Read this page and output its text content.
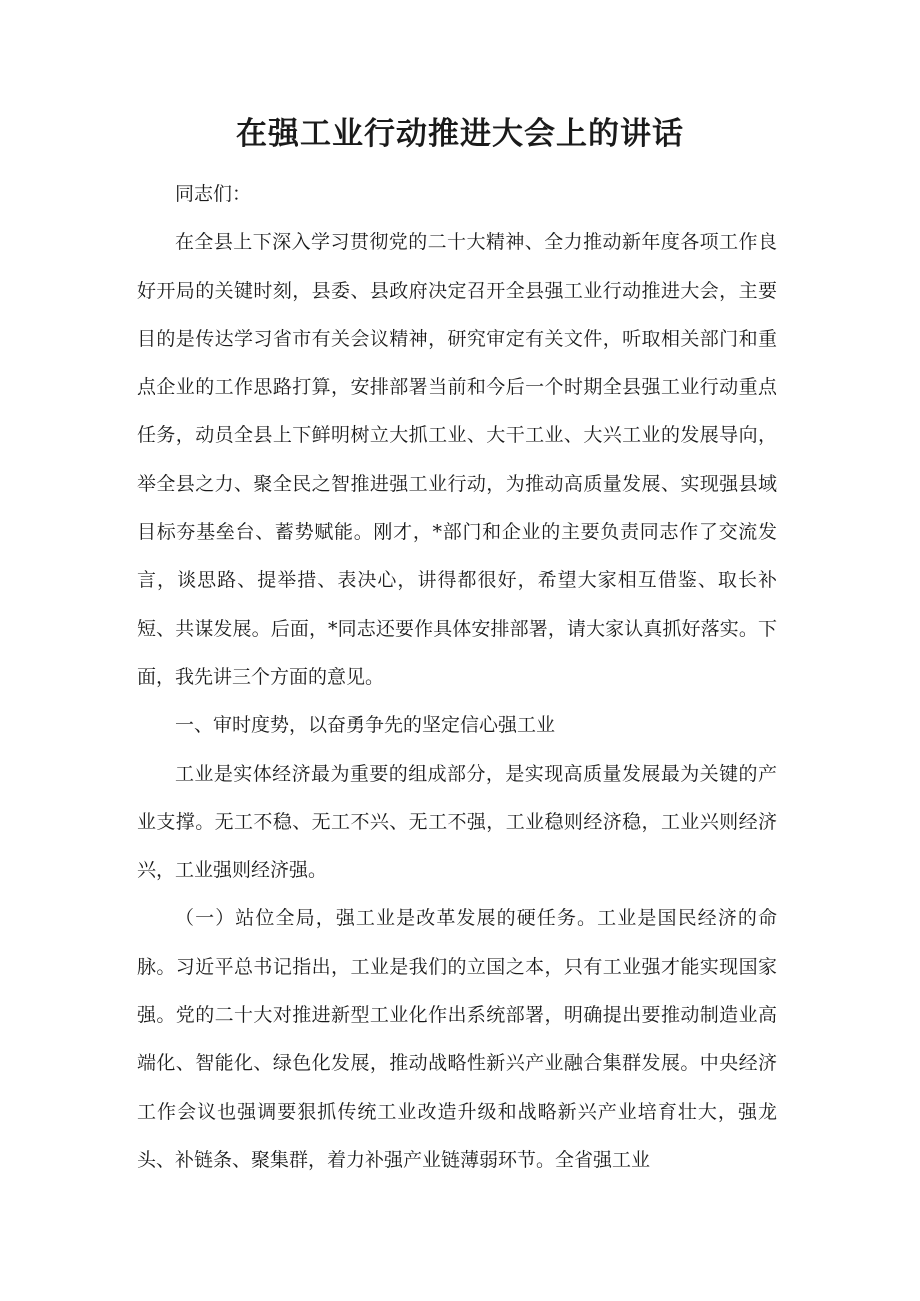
在强工业行动推进大会上的讲话

同志们：

在全县上下深入学习贯彻党的二十大精神、全力推动新年度各项工作良好开局的关键时刻，县委、县政府决定召开全县强工业行动推进大会，主要目的是传达学习省市有关会议精神，研究审定有关文件，听取相关部门和重点企业的工作思路打算，安排部署当前和今后一个时期全县强工业行动重点任务，动员全县上下鲜明树立大抓工业、大干工业、大兴工业的发展导向，举全县之力、聚全民之智推进强工业行动，为推动高质量发展、实现强县域目标夯基垒台、蓄势赋能。刚才，*部门和企业的主要负责同志作了交流发言，谈思路、提举措、表决心，讲得都很好，希望大家相互借鉴、取长补短、共谋发展。后面，*同志还要作具体安排部署，请大家认真抓好落实。下面，我先讲三个方面的意见。

一、审时度势，以奋勇争先的坚定信心强工业

工业是实体经济最为重要的组成部分，是实现高质量发展最为关键的产业支撑。无工不稳、无工不兴、无工不强，工业稳则经济稳，工业兴则经济兴，工业强则经济强。

（一）站位全局，强工业是改革发展的硬任务。工业是国民经济的命脉。习近平总书记指出，工业是我们的立国之本，只有工业强才能实现国家强。党的二十大对推进新型工业化作出系统部署，明确提出要推动制造业高端化、智能化、绿色化发展，推动战略性新兴产业融合集群发展。中央经济工作会议也强调要狠抓传统工业改造升级和战略新兴产业培育壮大，强龙头、补链条、聚集群，着力补强产业链薄弱环节。全省强工业
